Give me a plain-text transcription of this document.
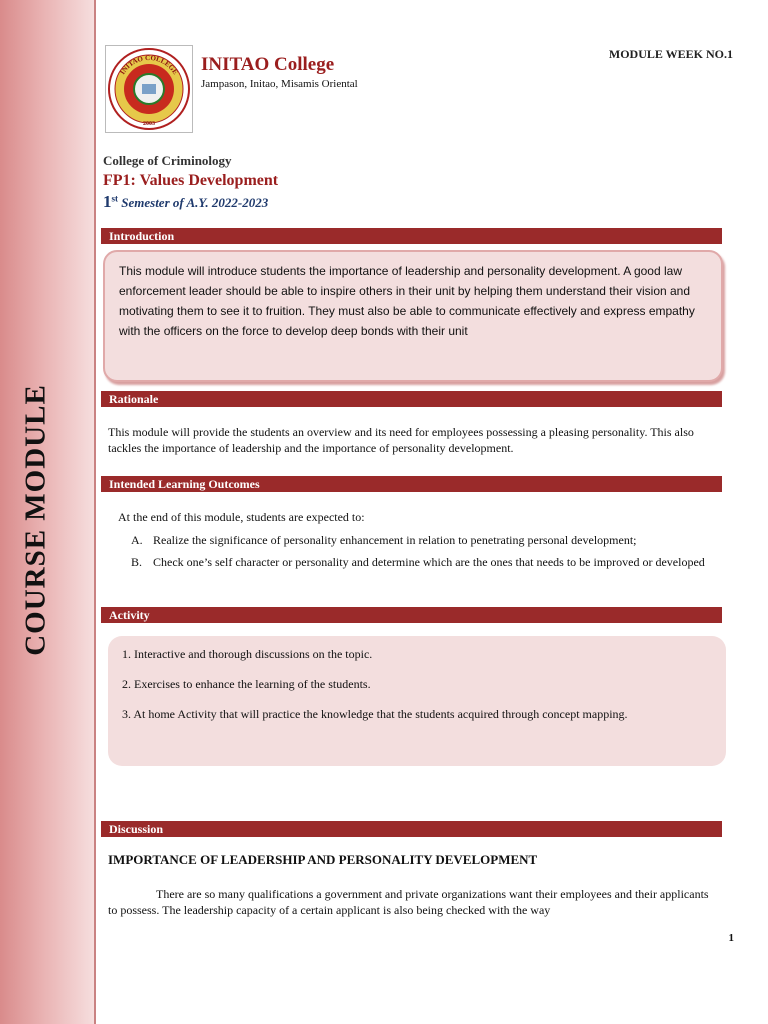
COURSE MODULE
INITAO COLLEGE
2003
INITAO College
Jampason, Initao, Misamis Oriental
MODULE WEEK NO.1
College of Criminology
FP1: Values Development
1st Semester of A.Y. 2022-2023
Introduction
This module will introduce students the importance of leadership and personality development. A good law enforcement leader should be able to inspire others in their unit by helping them understand their vision and motivating them to see it to fruition. They must also be able to communicate effectively and express empathy with the officers on the force to develop deep bonds with their unit
Rationale
This module will provide the students an overview and its need for employees possessing a pleasing personality. This also tackles the importance of leadership and the importance of personality development.
Intended Learning Outcomes
At the end of this module, students are expected to:
A. Realize the significance of personality enhancement in relation to penetrating personal development;
B. Check one’s self character or personality and determine which are the ones that needs to be improved or developed
Activity
1. Interactive and thorough discussions on the topic.
2. Exercises to enhance the learning of the students.
3. At home Activity that will practice the knowledge that the students acquired through concept mapping.
Discussion
IMPORTANCE OF LEADERSHIP AND PERSONALITY DEVELOPMENT
There are so many qualifications a government and private organizations want their employees and their applicants to possess. The leadership capacity of a certain applicant is also being checked with the way
1
